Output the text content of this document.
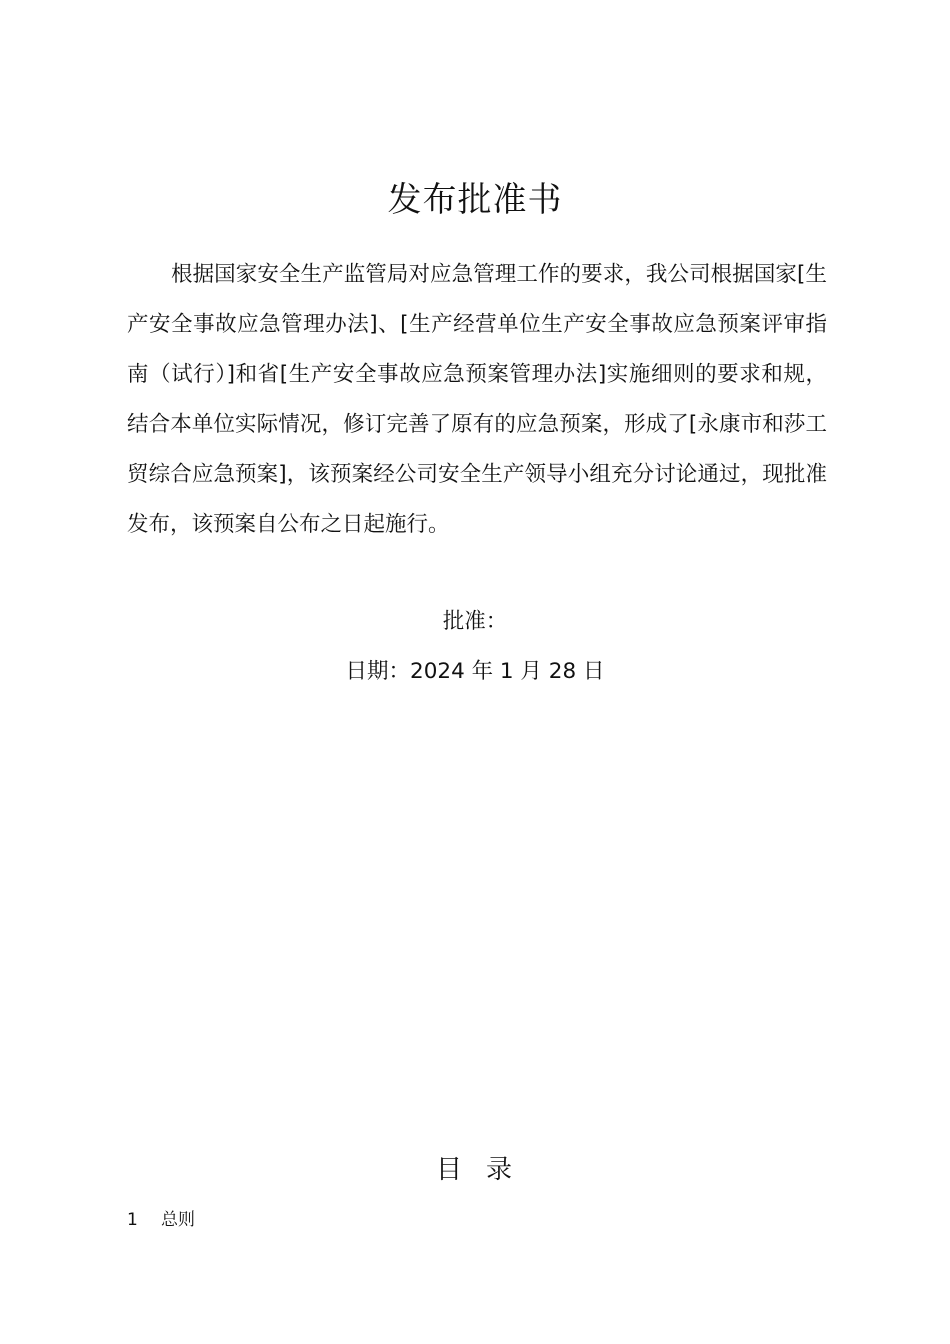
发布批准书

根据国家安全生产监管局对应急管理工作的要求，我公司根据国家[生产安全事故应急管理办法]、[生产经营单位生产安全事故应急预案评审指南（试行）]和省[生产安全事故应急预案管理办法]实施细则的要求和规，结合本单位实际情况，修订完善了原有的应急预案，形成了[永康市和莎工贸综合应急预案]，该预案经公司安全生产领导小组充分讨论通过，现批准发布，该预案自公布之日起施行。

批准：
日期：2024 年 1 月 28 日
目 录
1 总则
